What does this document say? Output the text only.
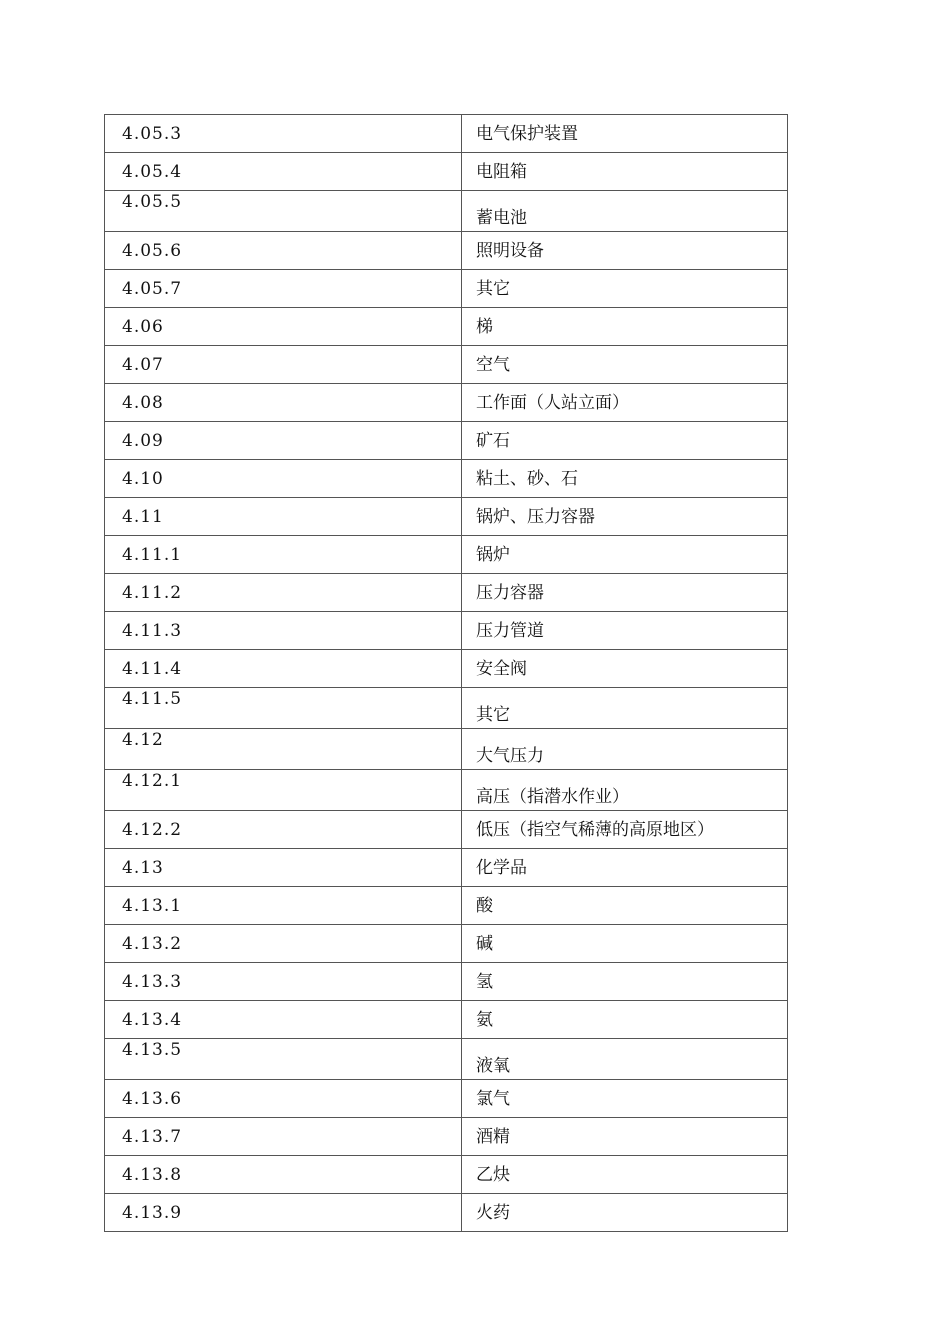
4.05.3	电气保护装置
4.05.4	电阻箱
4.05.5	蓄电池
4.05.6	照明设备
4.05.7	其它
4.06	梯
4.07	空气
4.08	工作面（人站立面）
4.09	矿石
4.10	粘土、砂、石
4.11	锅炉、压力容器
4.11.1	锅炉
4.11.2	压力容器
4.11.3	压力管道
4.11.4	安全阀
4.11.5	其它
4.12	大气压力
4.12.1	高压（指潜水作业）
4.12.2	低压（指空气稀薄的高原地区）
4.13	化学品
4.13.1	酸
4.13.2	碱
4.13.3	氢
4.13.4	氨
4.13.5	液氧
4.13.6	氯气
4.13.7	酒精
4.13.8	乙炔
4.13.9	火药
